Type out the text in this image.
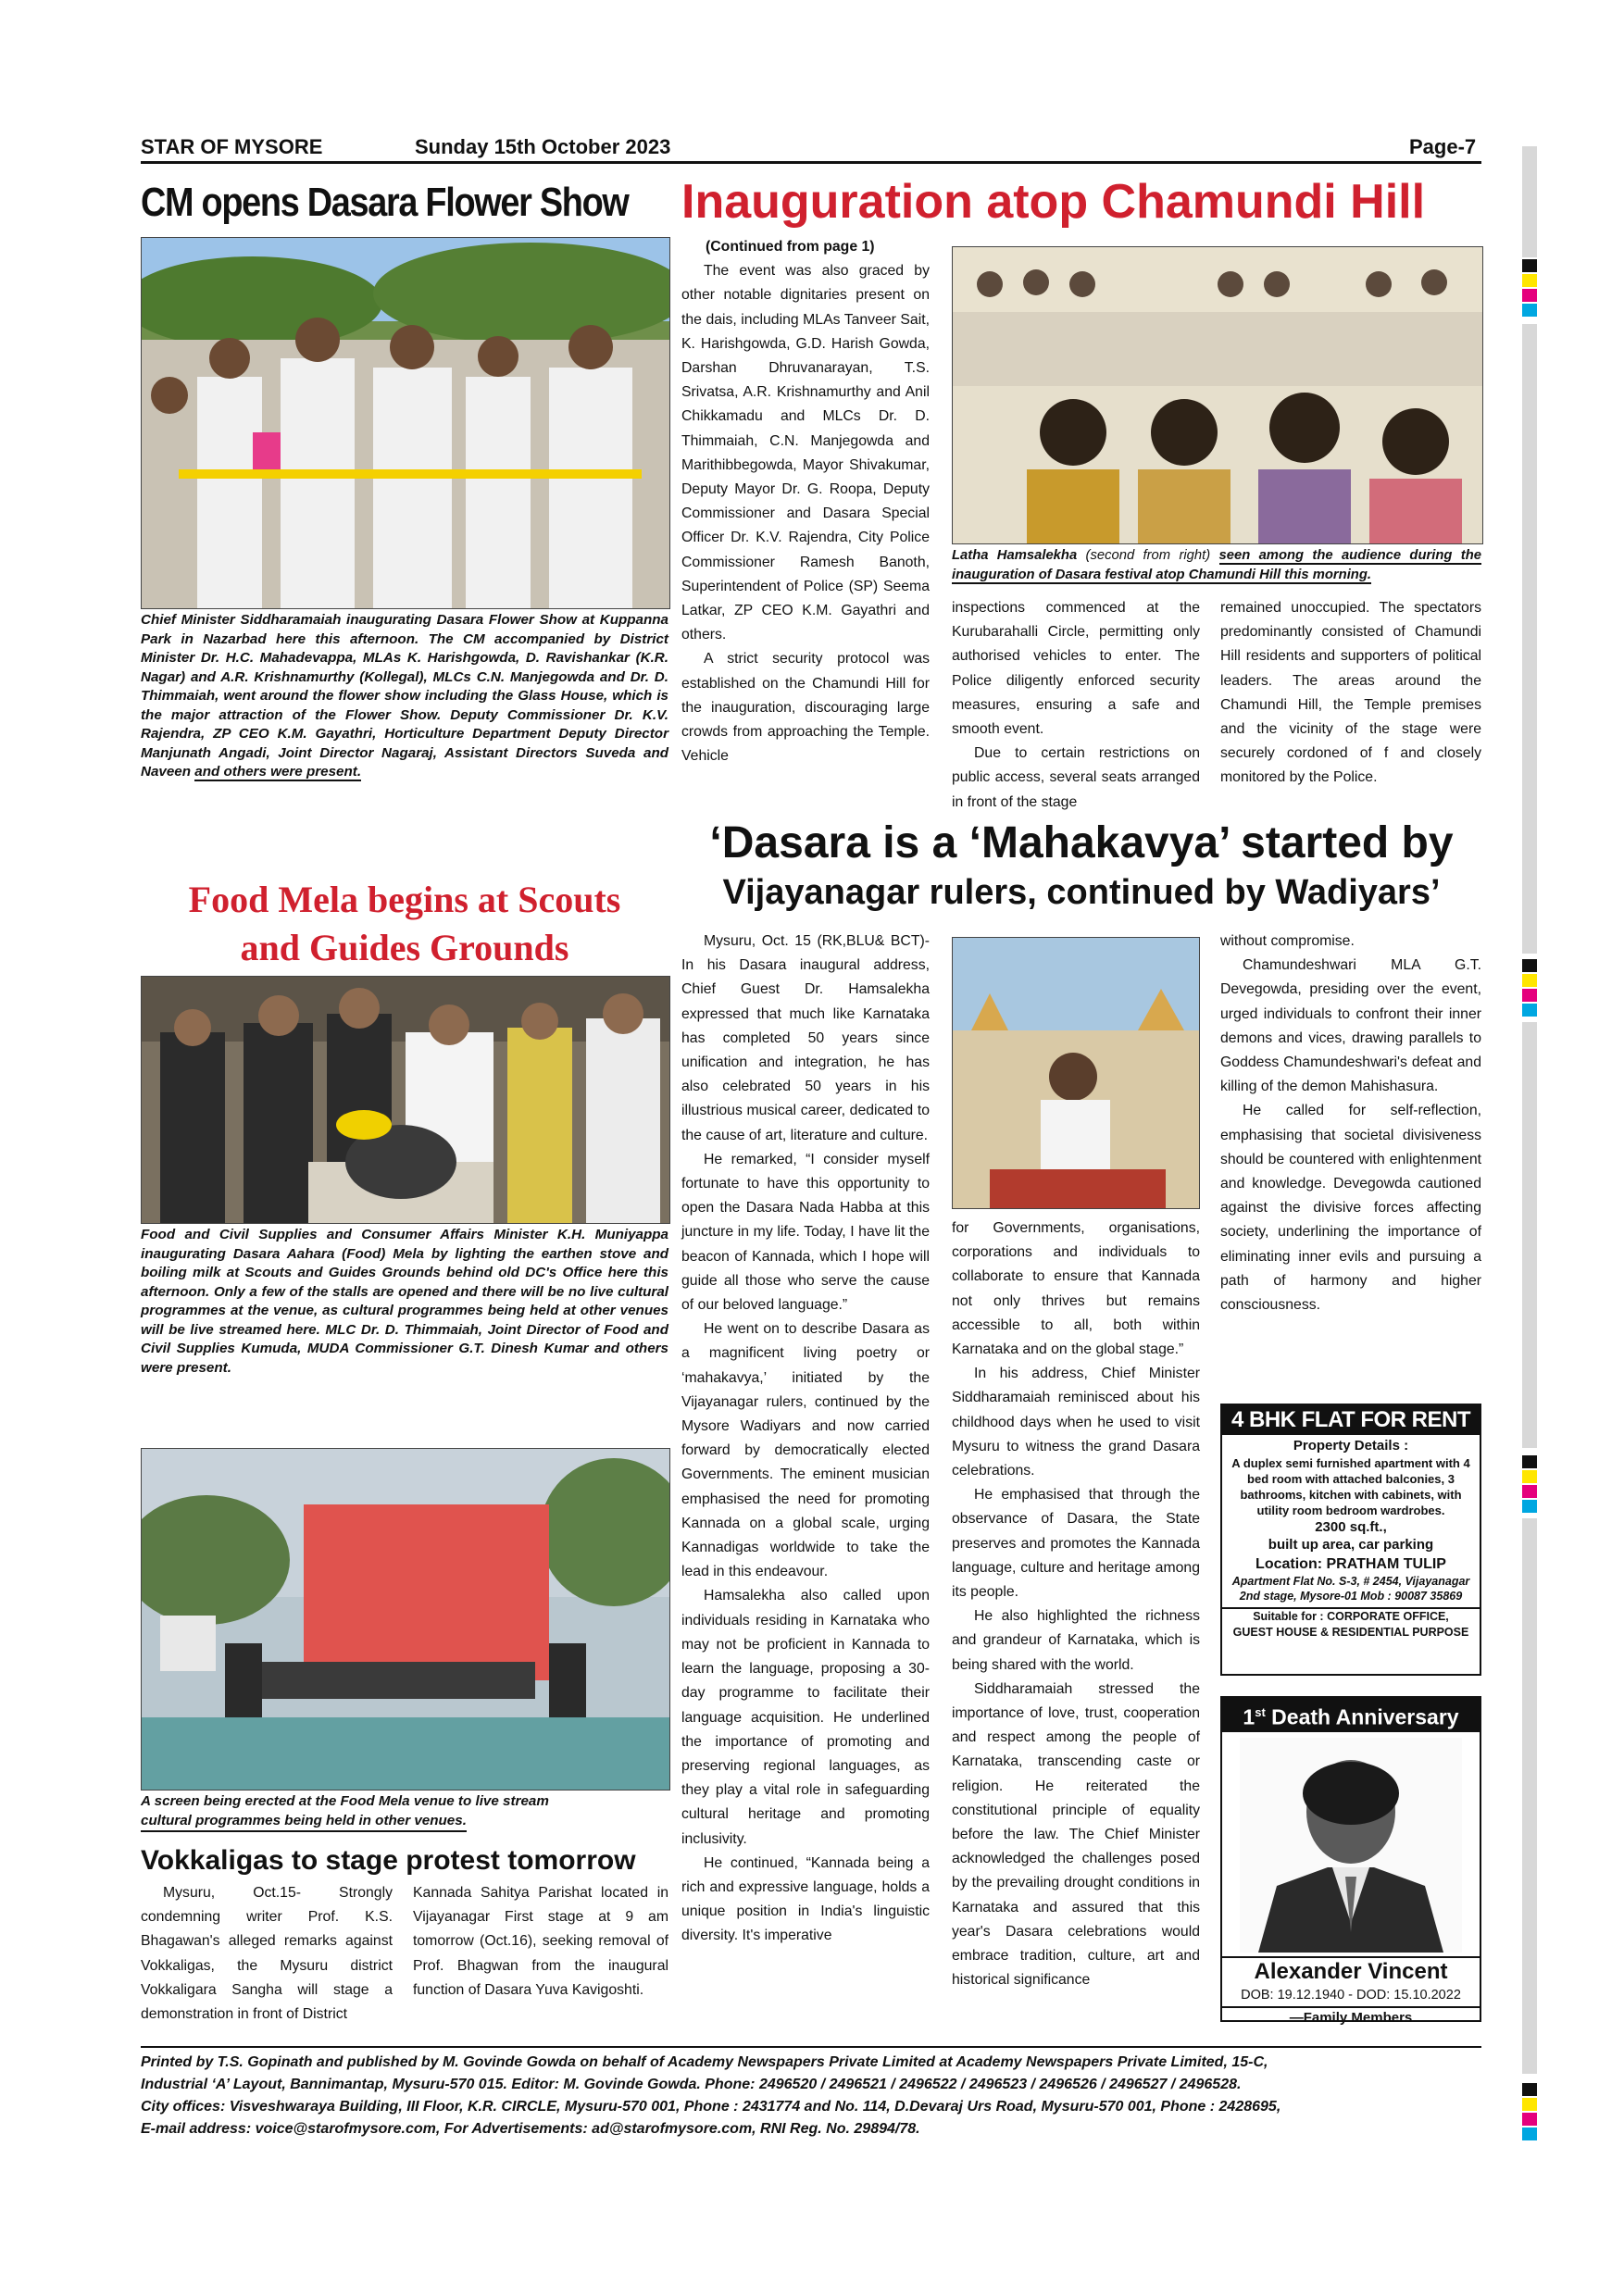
STAR OF MYSORE	Sunday 15th October 2023	Page-7
CM opens Dasara Flower Show
Chief Minister Siddharamaiah inaugurating Dasara Flower Show at Kuppanna Park in Nazarbad here this afternoon. The CM accompanied by District Minister Dr. H.C. Mahadevappa, MLAs K. Harishgowda, D. Ravishankar (K.R. Nagar) and A.R. Krishnamurthy (Kollegal), MLCs C.N. Manjegowda and Dr. D. Thimmaiah, went around the flower show including the Glass House, which is the major attraction of the Flower Show. Deputy Commissioner Dr. K.V. Rajendra, ZP CEO K.M. Gayathri, Horticulture Department Deputy Director Manjunath Angadi, Joint Director Nagaraj, Assistant Directors Suveda and Naveen and others were present.
Food Mela begins at Scouts
and Guides Grounds
Food and Civil Supplies and Consumer Affairs Minister K.H. Muniyappa inaugurating Dasara Aahara (Food) Mela by lighting the earthen stove and boiling milk at Scouts and Guides Grounds behind old DC's Office here this afternoon. Only a few of the stalls are opened and there will be no live cultural programmes at the venue, as cultural programmes being held at other venues will be live streamed here. MLC Dr. D. Thimmaiah, Joint Director of Food and Civil Supplies Kumuda, MUDA Commissioner G.T. Dinesh Kumar and others were present.
A screen being erected at the Food Mela venue to live stream
cultural programmes being held in other venues.
Vokkaligas to stage protest tomorrow

Mysuru, Oct.15- Strongly condemning writer Prof. K.S. Bhagawan's alleged remarks against Vokkaligas, the Mysuru district Vokkaligara Sangha will stage a demonstration in front of District

Kannada Sahitya Parishat located in Vijayanagar First stage at 9 am tomorrow (Oct.16), seeking removal of Prof. Bhagwan from the inaugural function of Dasara Yuva Kavigoshti.

Inauguration atop Chamundi Hill
(Continued from page 1)

The event was also graced by other notable dignitaries present on the dais, including MLAs Tanveer Sait, K. Harishgowda, G.D. Harish Gowda, Darshan Dhruvanarayan, T.S. Srivatsa, A.R. Krishnamurthy and Anil Chikkamadu and MLCs Dr. D. Thimmaiah, C.N. Manjegowda and Marithibbegowda, Mayor Shivakumar, Deputy Mayor Dr. G. Roopa, Deputy Commissioner and Dasara Special Officer Dr. K.V. Rajendra, City Police Commissioner Ramesh Banoth, Superintendent of Police (SP) Seema Latkar, ZP CEO K.M. Gayathri and others.

A strict security protocol was established on the Chamundi Hill for the inauguration, discouraging large crowds from approaching the Temple. Vehicle

Latha Hamsalekha (second from right) seen among the audience during the inauguration of Dasara festival atop Chamundi Hill this morning.

inspections commenced at the Kurubarahalli Circle, permitting only authorised vehicles to enter. The Police diligently enforced security measures, ensuring a safe and smooth event.

Due to certain restrictions on public access, several seats arranged in front of the stage

remained unoccupied. The spectators predominantly consisted of Chamundi Hill residents and supporters of political leaders. The areas around the Chamundi Hill, the Temple premises and the vicinity of the stage were securely cordoned of f and closely monitored by the Police.

‘Dasara is a ‘Mahakavya’ started by
Vijayanagar rulers, continued by Wadiyars’

Mysuru, Oct. 15 (RK,BLU& BCT)- In his Dasara inaugural address, Chief Guest Dr. Hamsalekha expressed that much like Karnataka has completed 50 years since unification and integration, he has also celebrated 50 years in his illustrious musical career, dedicated to the cause of art, literature and culture.

He remarked, “I consider myself fortunate to have this opportunity to open the Dasara Nada Habba at this juncture in my life. Today, I have lit the beacon of Kannada, which I hope will guide all those who serve the cause of our beloved language.”

He went on to describe Dasara as a magnificent living poetry or ‘mahakavya,’ initiated by the Vijayanagar rulers, continued by the Mysore Wadiyars and now carried forward by democratically elected Governments. The eminent musician emphasised the need for promoting Kannada on a global scale, urging Kannadigas worldwide to take the lead in this endeavour.

Hamsalekha also called upon individuals residing in Karnataka who may not be proficient in Kannada to learn the language, proposing a 30-day programme to facilitate their language acquisition. He underlined the importance of promoting and preserving regional languages, as they play a vital role in safeguarding cultural heritage and promoting inclusivity.

He continued, “Kannada being a rich and expressive language, holds a unique position in India's linguistic diversity. It's imperative

for Governments, organisations, corporations and individuals to collaborate to ensure that Kannada not only thrives but remains accessible to all, both within Karnataka and on the global stage.”

In his address, Chief Minister Siddharamaiah reminisced about his childhood days when he used to visit Mysuru to witness the grand Dasara celebrations.

He emphasised that through the observance of Dasara, the State preserves and promotes the Kannada language, culture and heritage among its people.

He also highlighted the richness and grandeur of Karnataka, which is being shared with the world.

Siddharamaiah stressed the importance of love, trust, cooperation and respect among the people of Karnataka, transcending caste or religion. He reiterated the constitutional principle of equality before the law. The Chief Minister acknowledged the challenges posed by the prevailing drought conditions in Karnataka and assured that this year's Dasara celebrations would embrace tradition, culture, art and historical significance

without compromise.

Chamundeshwari MLA G.T. Devegowda, presiding over the event, urged individuals to confront their inner demons and vices, drawing parallels to Goddess Chamundeshwari's defeat and killing of the demon Mahishasura.

He called for self-reflection, emphasising that societal divisiveness should be countered with enlightenment and knowledge. Devegowda cautioned against the divisive forces affecting society, underlining the importance of eliminating inner evils and pursuing a path of harmony and higher consciousness.

4 BHK FLAT FOR RENT
Property Details :
A duplex semi furnished apartment with 4 bed room with attached balconies, 3 bathrooms, kitchen with cabinets, with utility room bedroom wardrobes.
2300 sq.ft.,
built up area, car parking
Location: PRATHAM TULIP
Apartment Flat No. S-3, # 2454, Vijayanagar 2nd stage, Mysore-01 Mob : 90087 35869
Suitable for : CORPORATE OFFICE,
GUEST HOUSE & RESIDENTIAL PURPOSE
1st Death Anniversary
Alexander Vincent
DOB: 19.12.1940 - DOD: 15.10.2022
—Family Members
Printed by T.S. Gopinath and published by M. Govinde Gowda on behalf of Academy Newspapers Private Limited at Academy Newspapers Private Limited, 15-C,
Industrial ‘A’ Layout, Bannimantap, Mysuru-570 015. Editor: M. Govinde Gowda. Phone: 2496520 / 2496521 / 2496522 / 2496523 / 2496526 / 2496527 / 2496528.
City offices: Visveshwaraya Building, III Floor, K.R. CIRCLE, Mysuru-570 001, Phone : 2431774 and No. 114, D.Devaraj Urs Road, Mysuru-570 001, Phone : 2428695,
E-mail address: voice@starofmysore.com, For Advertisements: ad@starofmysore.com, RNI Reg. No. 29894/78.
